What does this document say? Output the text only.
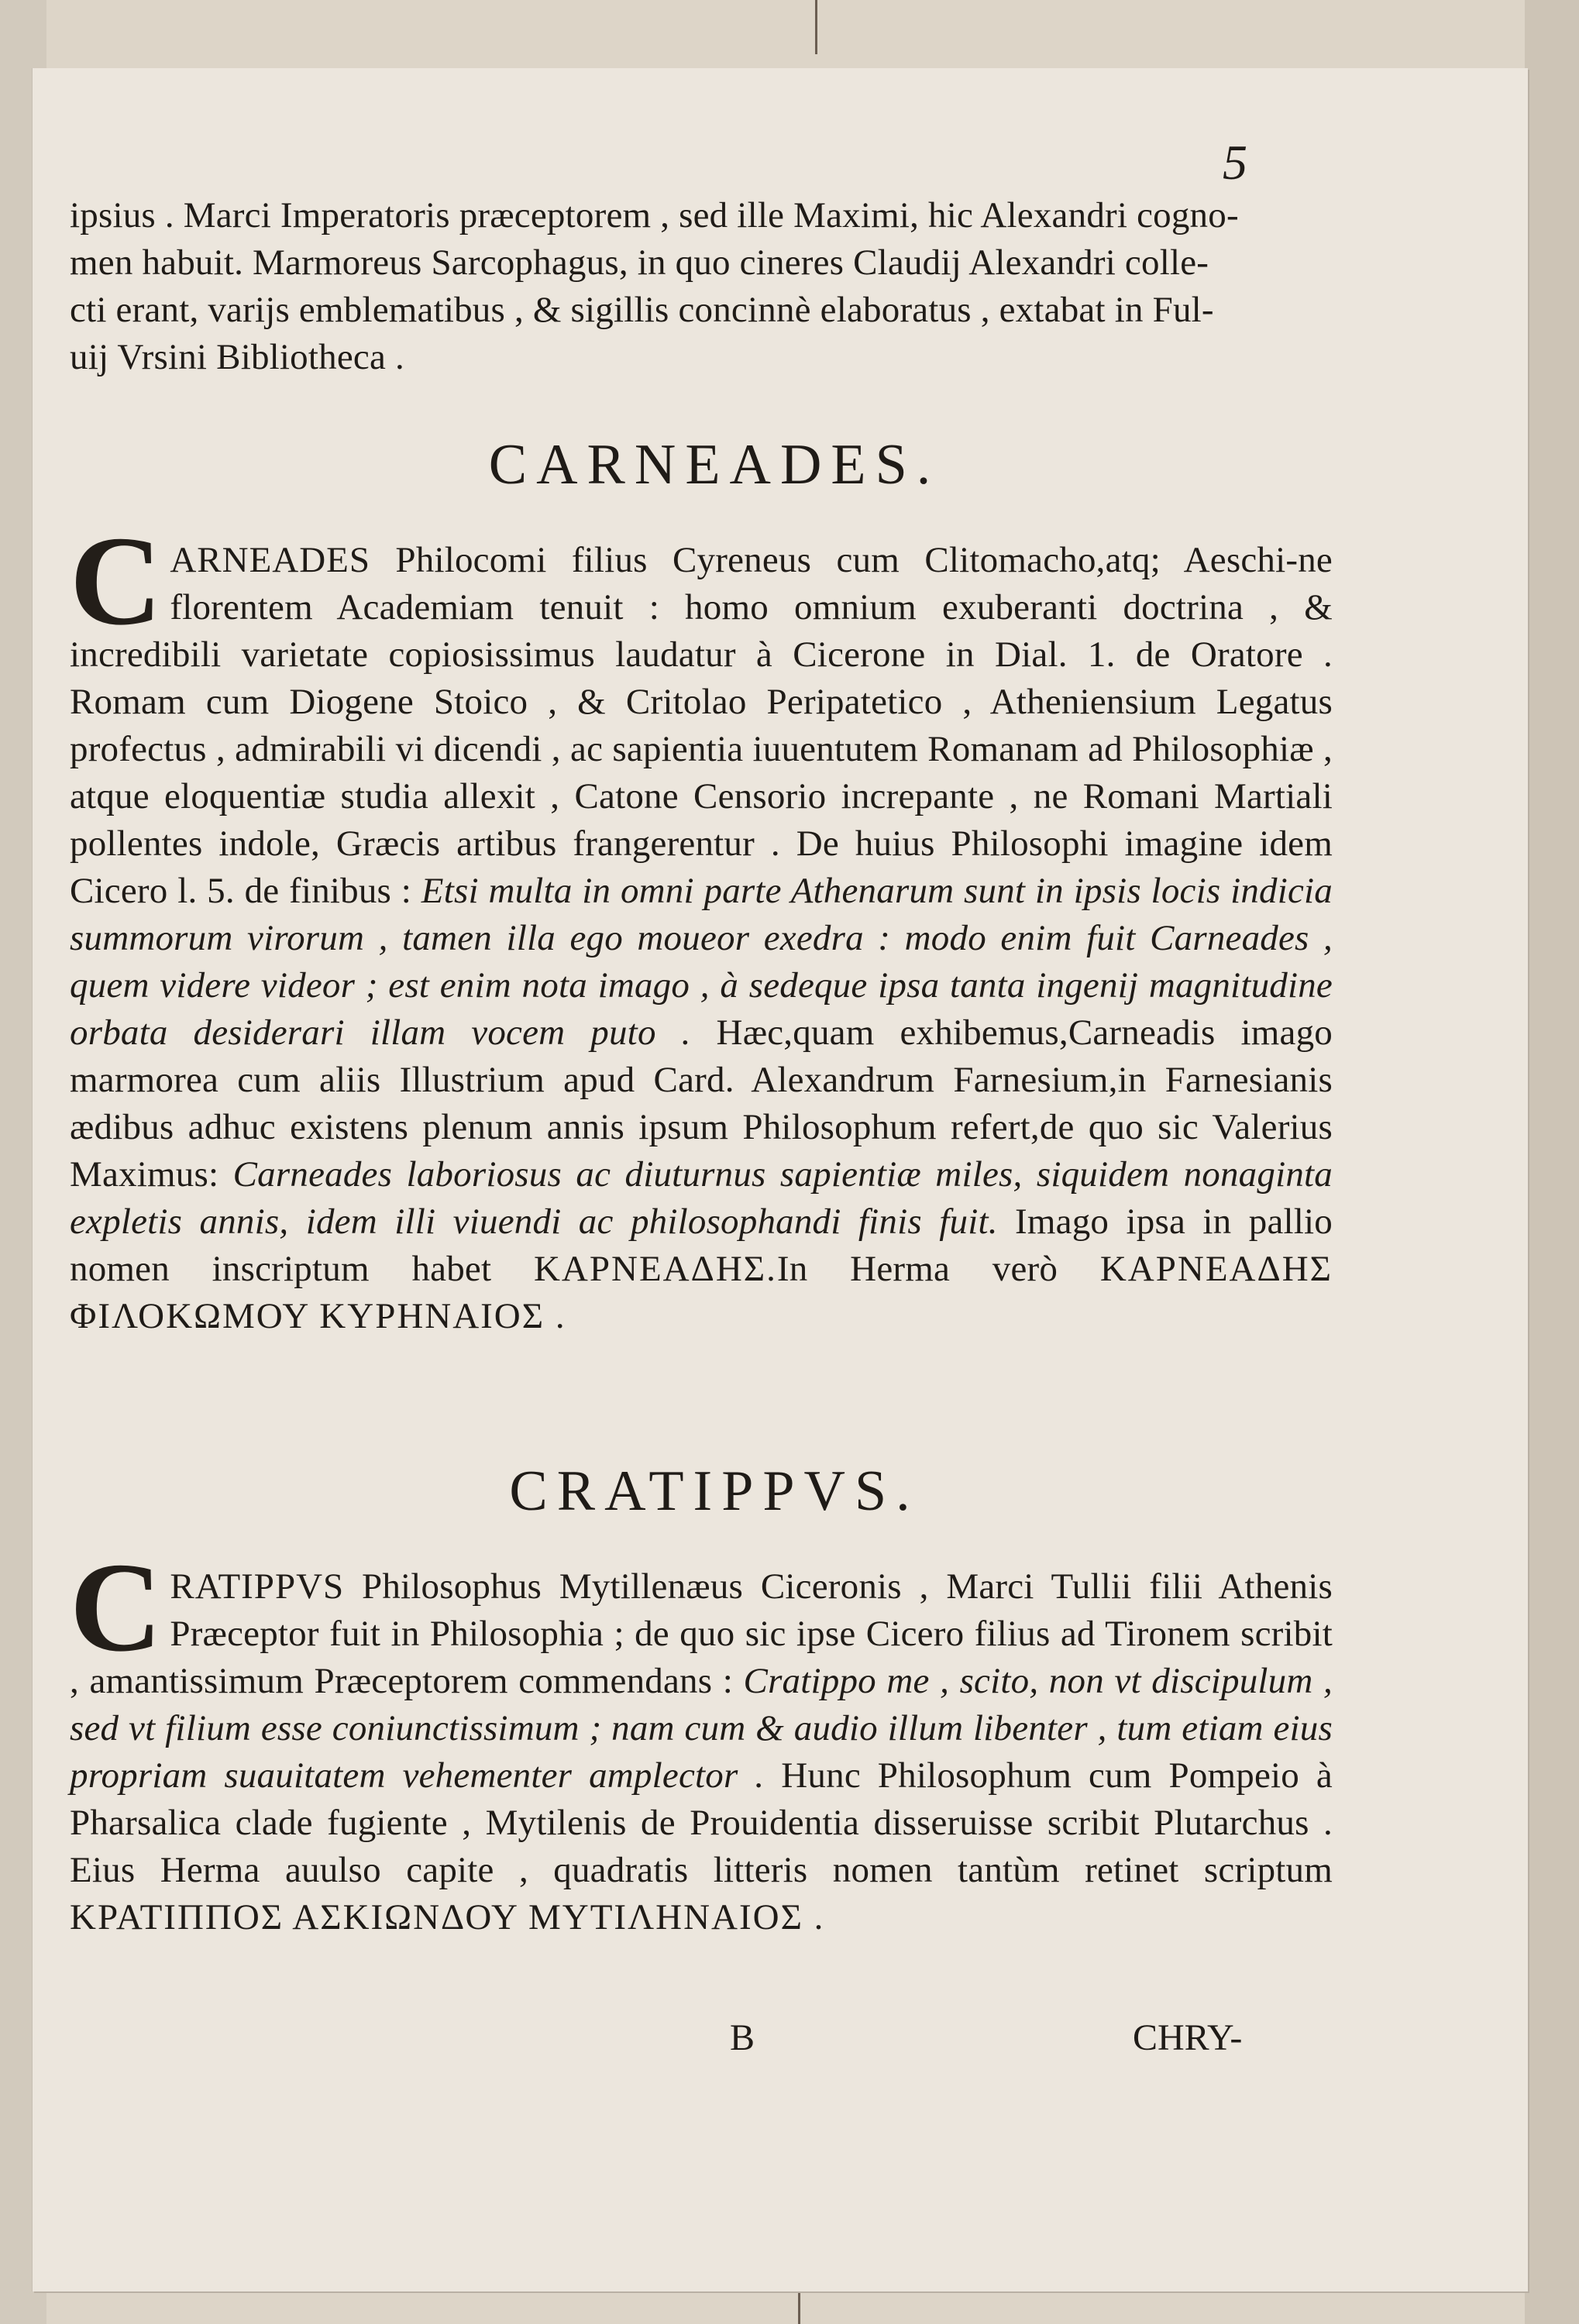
5
ipsius . Marci Imperatoris præceptorem , sed ille Maximi, hic Alexandri cogno-
men habuit. Marmoreus Sarcophagus, in quo cineres Claudij Alexandri colle-
cti erant, varijs emblematibus , & sigillis concinnè elaboratus , extabat in Ful-
uij Vrsini Bibliotheca .
CARNEADES.
CARNEADES Philocomi filius Cyreneus cum Clitomacho,atq; Aeschi-ne florentem Academiam tenuit : homo omnium exuberanti doctrina , & incredibili varietate copiosissimus laudatur à Cicerone in Dial. 1. de Oratore . Romam cum Diogene Stoico , & Critolao Peripatetico , Atheniensium Legatus profectus , admirabili vi dicendi , ac sapientia iuuentutem Romanam ad Philosophiæ , atque eloquentiæ studia allexit , Catone Censorio increpante , ne Romani Martiali pollentes indole, Græcis artibus frangerentur . De huius Philosophi imagine idem Cicero l. 5. de finibus : Etsi multa in omni parte Athenarum sunt in ipsis locis indicia summorum virorum , tamen illa ego moueor exedra : modo enim fuit Carneades , quem videre videor ; est enim nota imago , à sedeque ipsa tanta ingenij magnitudine orbata desiderari illam vocem puto . Hæc,quam exhibemus,Carneadis imago marmorea cum aliis Illustrium apud Card. Alexandrum Farnesium,in Farnesianis ædibus adhuc existens plenum annis ipsum Philosophum refert,de quo sic Valerius Maximus: Carneades laboriosus ac diuturnus sapientiæ miles, siquidem nonaginta expletis annis, idem illi viuendi ac philosophandi finis fuit. Imago ipsa in pallio nomen inscriptum habet ΚΑΡΝΕΑΔΗΣ.In Herma verò ΚΑΡΝΕΑΔΗΣ ΦΙΛΟΚΩΜΟΥ ΚΥΡΗΝΑΙΟΣ .
CRATIPPVS.
CRATIPPVS Philosophus Mytillenæus Ciceronis , Marci Tullii filii Athenis Præceptor fuit in Philosophia ; de quo sic ipse Cicero filius ad Tironem scribit , amantissimum Præceptorem commendans : Cratippo me , scito, non vt discipulum , sed vt filium esse coniunctissimum ; nam cum & audio illum libenter , tum etiam eius propriam suauitatem vehementer amplector . Hunc Philosophum cum Pompeio à Pharsalica clade fugiente , Mytilenis de Prouidentia disseruisse scribit Plutarchus . Eius Herma auulso capite , quadratis litteris nomen tantùm retinet scriptum ΚΡΑΤΙΠΠΟΣ ΑΣΚΙΩΝΔΟΥ ΜΥΤΙΛΗΝΑΙΟΣ .
B	CHRY-
